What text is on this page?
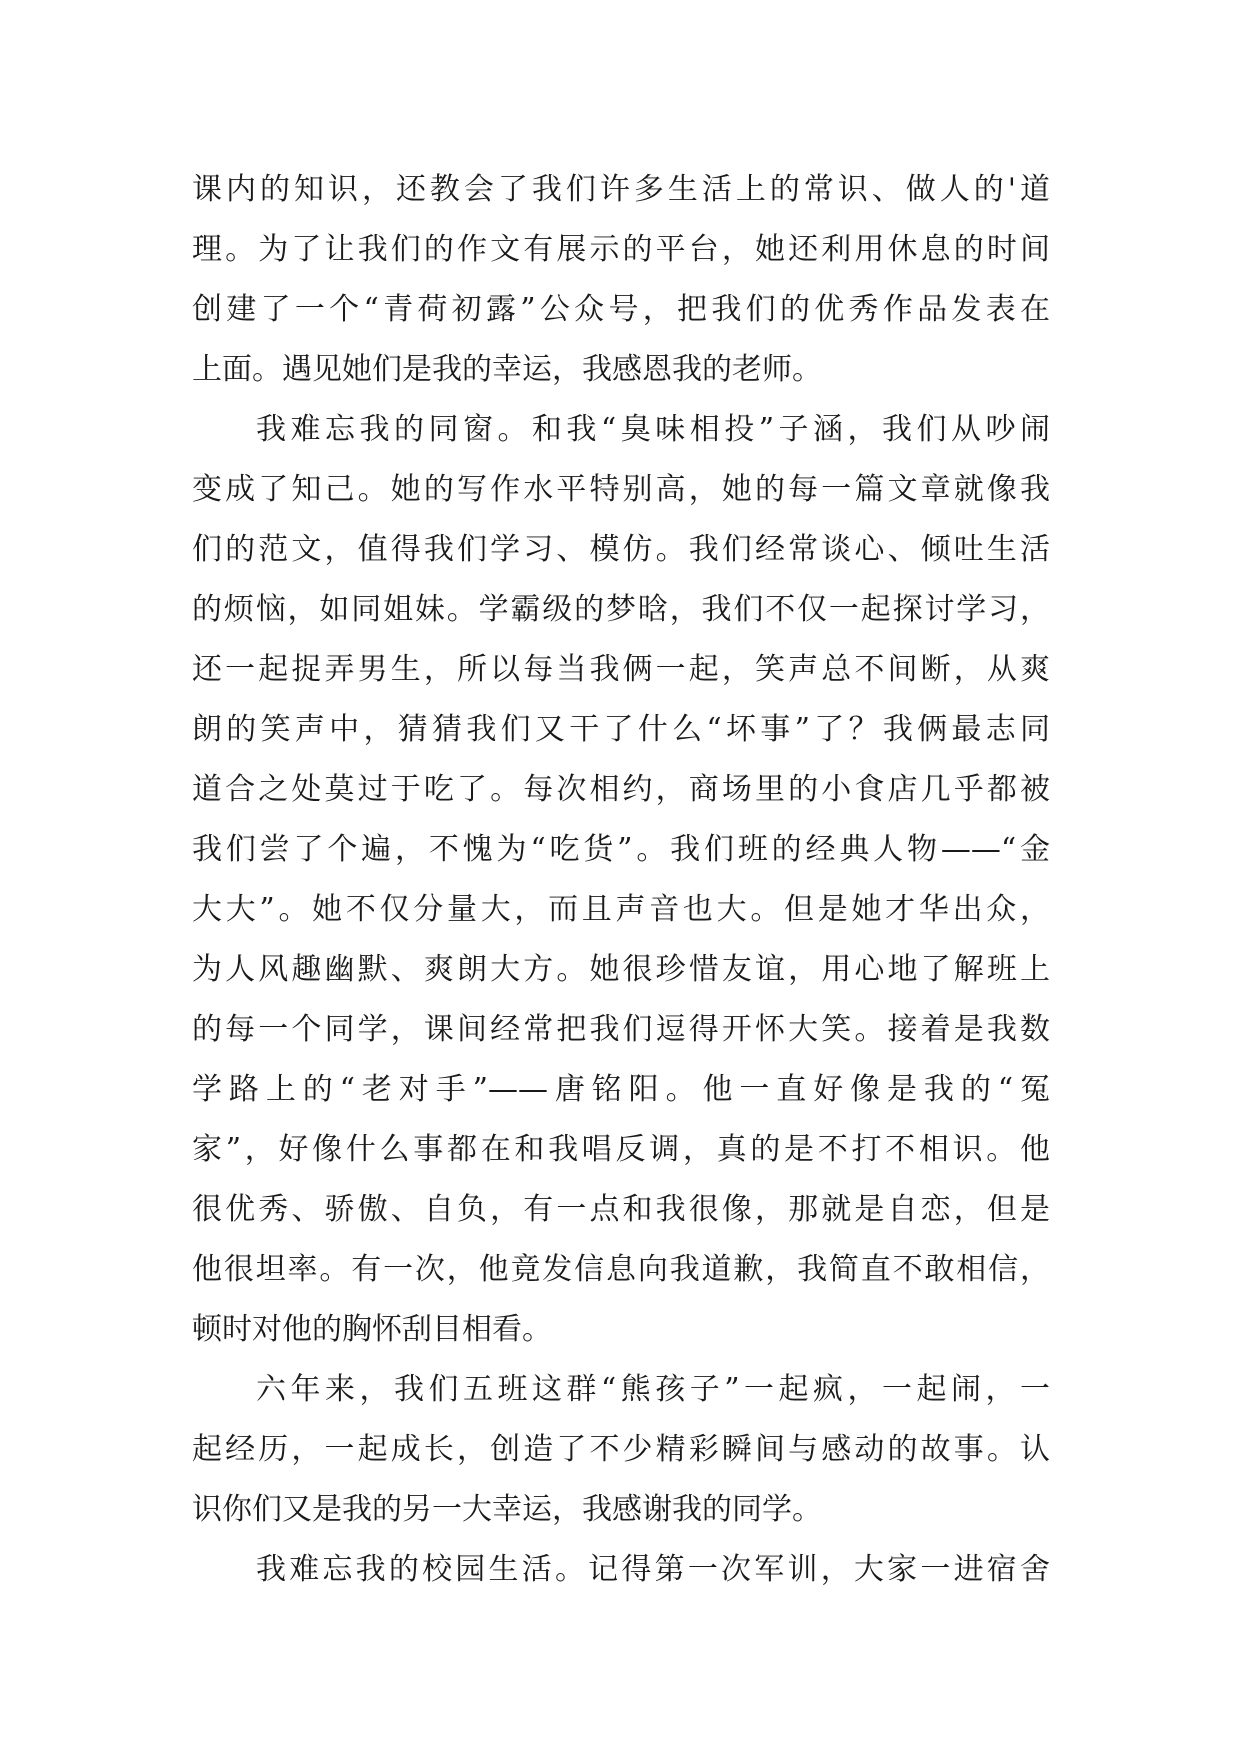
课内的知识，还教会了我们许多生活上的常识、做人的'道
理。为了让我们的作文有展示的平台，她还利用休息的时间
创建了一个“青荷初露”公众号，把我们的优秀作品发表在
上面。遇见她们是我的幸运，我感恩我的老师。
我难忘我的同窗。和我“臭味相投”子涵，我们从吵闹
变成了知己。她的写作水平特别高，她的每一篇文章就像我
们的范文，值得我们学习、模仿。我们经常谈心、倾吐生活
的烦恼，如同姐妹。学霸级的梦晗，我们不仅一起探讨学习，
还一起捉弄男生，所以每当我俩一起，笑声总不间断，从爽
朗的笑声中，猜猜我们又干了什么“坏事”了？我俩最志同
道合之处莫过于吃了。每次相约，商场里的小食店几乎都被
我们尝了个遍，不愧为“吃货”。我们班的经典人物——“金
大大”。她不仅分量大，而且声音也大。但是她才华出众，
为人风趣幽默、爽朗大方。她很珍惜友谊，用心地了解班上
的每一个同学，课间经常把我们逗得开怀大笑。接着是我数
学路上的“老对手”——唐铭阳。他一直好像是我的“冤
家”，好像什么事都在和我唱反调，真的是不打不相识。他
很优秀、骄傲、自负，有一点和我很像，那就是自恋，但是
他很坦率。有一次，他竟发信息向我道歉，我简直不敢相信，
顿时对他的胸怀刮目相看。
六年来，我们五班这群“熊孩子”一起疯，一起闹，一
起经历，一起成长，创造了不少精彩瞬间与感动的故事。认
识你们又是我的另一大幸运，我感谢我的同学。
我难忘我的校园生活。记得第一次军训，大家一进宿舍
